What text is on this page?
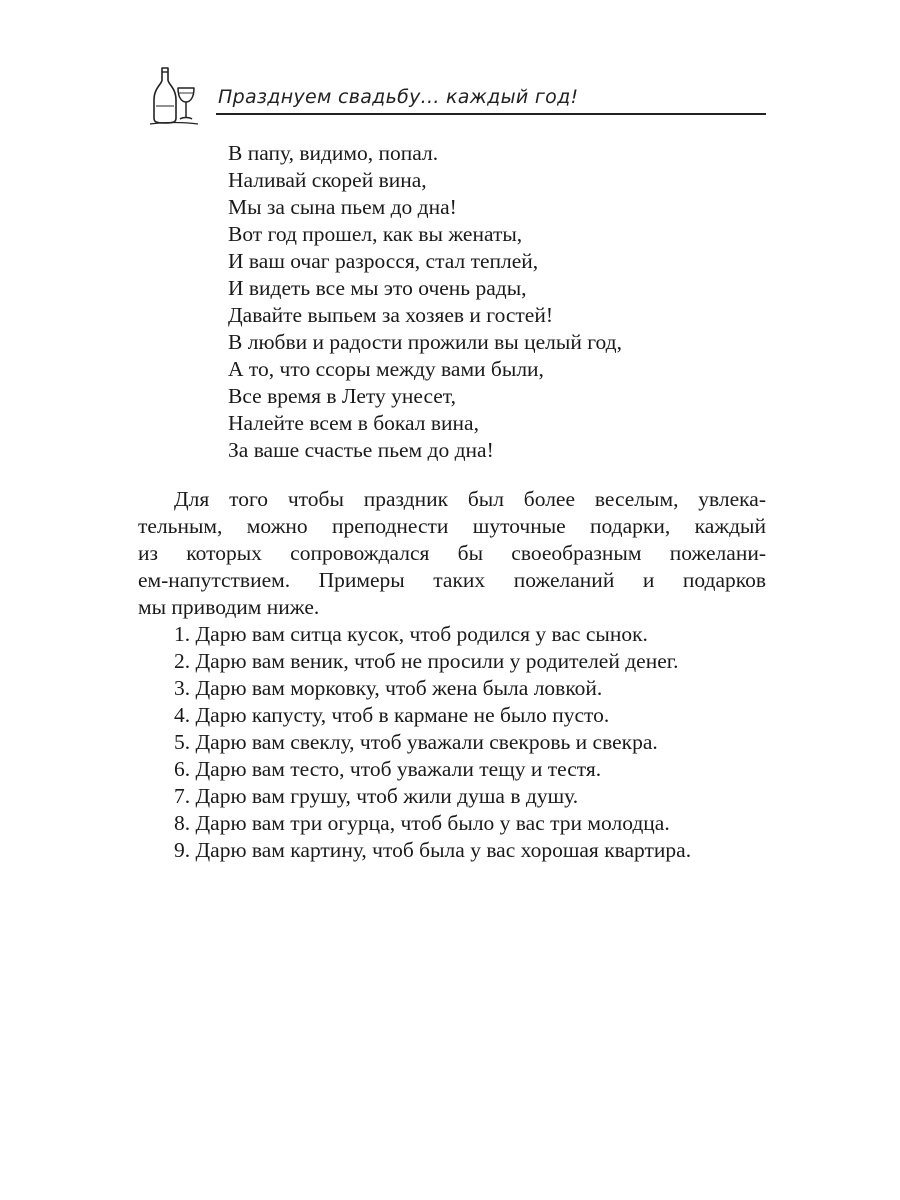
Празднуем свадьбу... каждый год!
В папу, видимо, попал.
Наливай скорей вина,
Мы за сына пьем до дна!
Вот год прошел, как вы женаты,
И ваш очаг разросся, стал теплей,
И видеть все мы это очень рады,
Давайте выпьем за хозяев и гостей!
В любви и радости прожили вы целый год,
А то, что ссоры между вами были,
Все время в Лету унесет,
Налейте всем в бокал вина,
За ваше счастье пьем до дна!
Для того чтобы праздник был более веселым, увлека-
тельным, можно преподнести шуточные подарки, каждый
из которых сопровождался бы своеобразным пожелани-
ем-напутствием. Примеры таких пожеланий и подарков
мы приводим ниже.
1. Дарю вам ситца кусок, чтоб родился у вас сынок.
2. Дарю вам веник, чтоб не просили у родителей денег.
3. Дарю вам морковку, чтоб жена была ловкой.
4. Дарю капусту, чтоб в кармане не было пусто.
5. Дарю вам свеклу, чтоб уважали свекровь и свекра.
6. Дарю вам тесто, чтоб уважали тещу и тестя.
7. Дарю вам грушу, чтоб жили душа в душу.
8. Дарю вам три огурца, чтоб было у вас три молодца.
9. Дарю вам картину, чтоб была у вас хорошая квартира.
